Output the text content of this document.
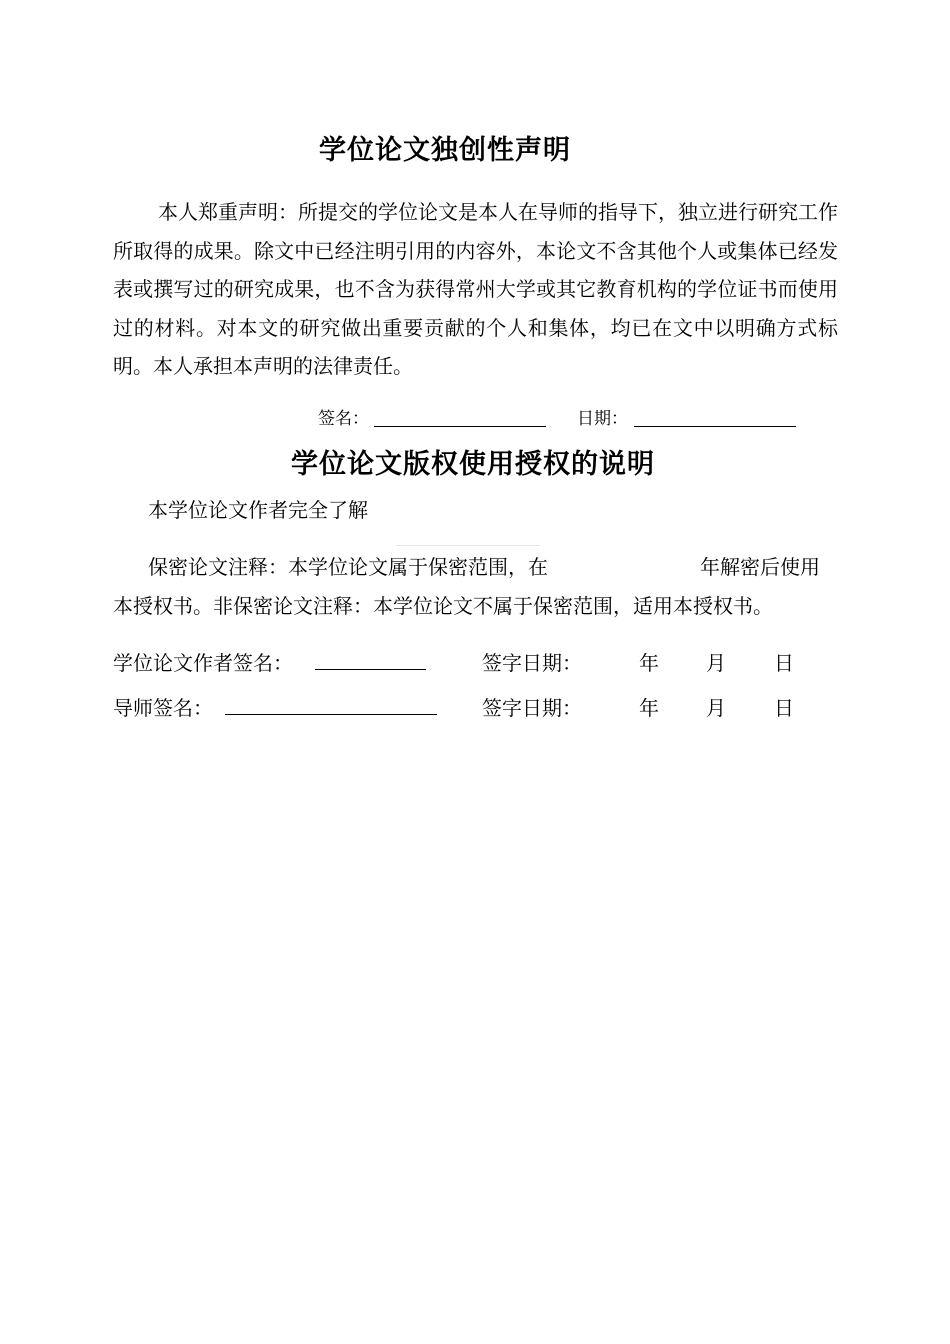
学位论文独创性声明
本人郑重声明：所提交的学位论文是本人在导师的指导下，独立进行研究工作所取得的成果。除文中已经注明引用的内容外，本论文不含其他个人或集体已经发表或撰写过的研究成果，也不含为获得常州大学或其它教育机构的学位证书而使用过的材料。对本文的研究做出重要贡献的个人和集体，均已在文中以明确方式标明。本人承担本声明的法律责任。
签名：	日期：
学位论文版权使用授权的说明
本学位论文作者完全了解
保密论文注释：本学位论文属于保密范围，在	年解密后使用
本授权书。非保密论文注释：本学位论文不属于保密范围，适用本授权书。
学位论文作者签名：	签字日期：	年 月 日
导师签名：	签字日期：	年 月 日
